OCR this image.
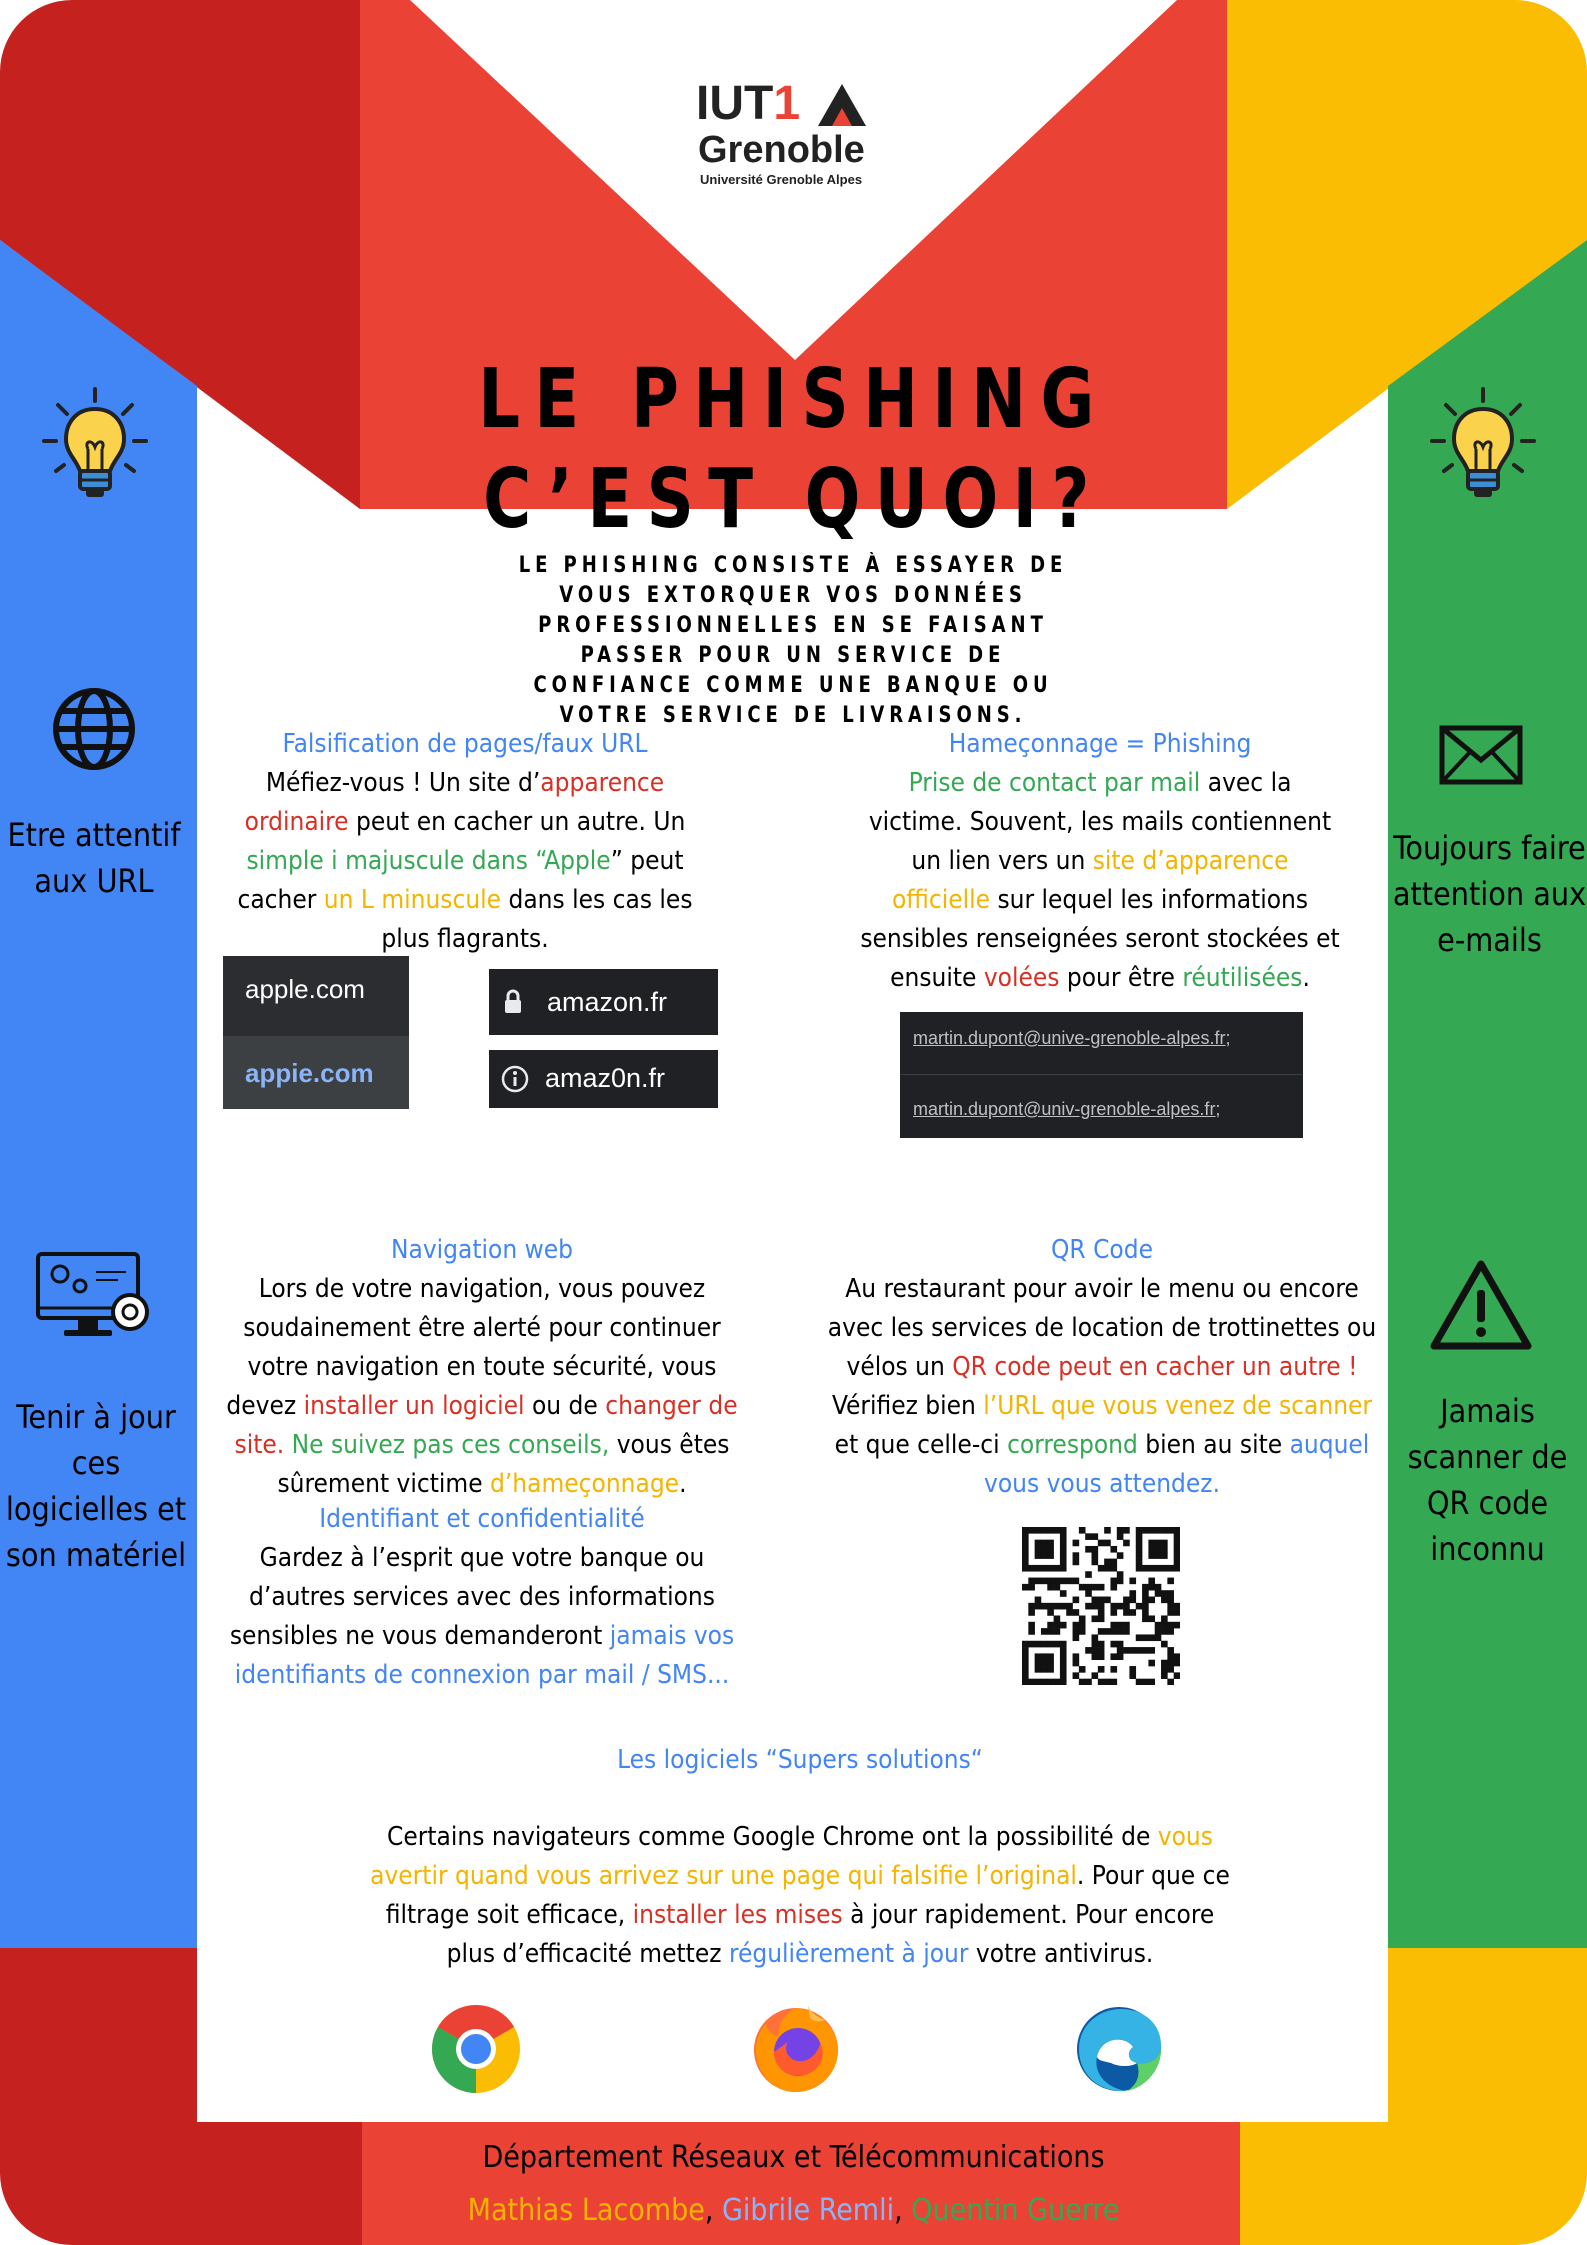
IUT1
Grenoble
Université Grenoble Alpes
LE PHISHING C’EST QUOI?
LE PHISHING CONSISTE À ESSAYER DE VOUS EXTORQUER VOS DONNÉES PROFESSIONNELLES EN SE FAISANT PASSER POUR UN SERVICE DE CONFIANCE COMME UNE BANQUE OU VOTRE SERVICE DE LIVRAISONS.
Etre attentif aux URL
Tenir à jour ces logicielles et son matériel
Toujours faire attention aux e-mails
Jamais scanner de QR code inconnu
Falsification de pages/faux URL
Méfiez-vous ! Un site d’apparence ordinaire peut en cacher un autre. Un simple i majuscule dans “Apple” peut cacher un L minuscule dans les cas les plus flagrants.
apple.com
appie.com
amazon.fr
amaz0n.fr
Hameçonnage = Phishing
Prise de contact par mail avec la victime. Souvent, les mails contiennent un lien vers un site d’apparence officielle sur lequel les informations sensibles renseignées seront stockées et ensuite volées pour être réutilisées.
martin.dupont@unive-grenoble-alpes.fr;
martin.dupont@univ-grenoble-alpes.fr;
Navigation web
Lors de votre navigation, vous pouvez soudainement être alerté pour continuer votre navigation en toute sécurité, vous devez installer un logiciel ou de changer de site. Ne suivez pas ces conseils, vous êtes sûrement victime d’hameçonnage.
QR Code
Au restaurant pour avoir le menu ou encore avec les services de location de trottinettes ou vélos un QR code peut en cacher un autre ! Vérifiez bien l’URL que vous venez de scanner et que celle-ci correspond bien au site auquel vous vous attendez.
Identifiant et confidentialité
Gardez à l’esprit que votre banque ou d’autres services avec des informations sensibles ne vous demanderont jamais vos identifiants de connexion par mail / SMS...
Les logiciels “Supers solutions“
Certains navigateurs comme Google Chrome ont la possibilité de vous avertir quand vous arrivez sur une page qui falsifie l’original. Pour que ce filtrage soit efficace, installer les mises à jour rapidement. Pour encore plus d’efficacité mettez régulièrement à jour votre antivirus.
Département Réseaux et Télécommunications
Mathias Lacombe, Gibrile Remli, Quentin Guerre
